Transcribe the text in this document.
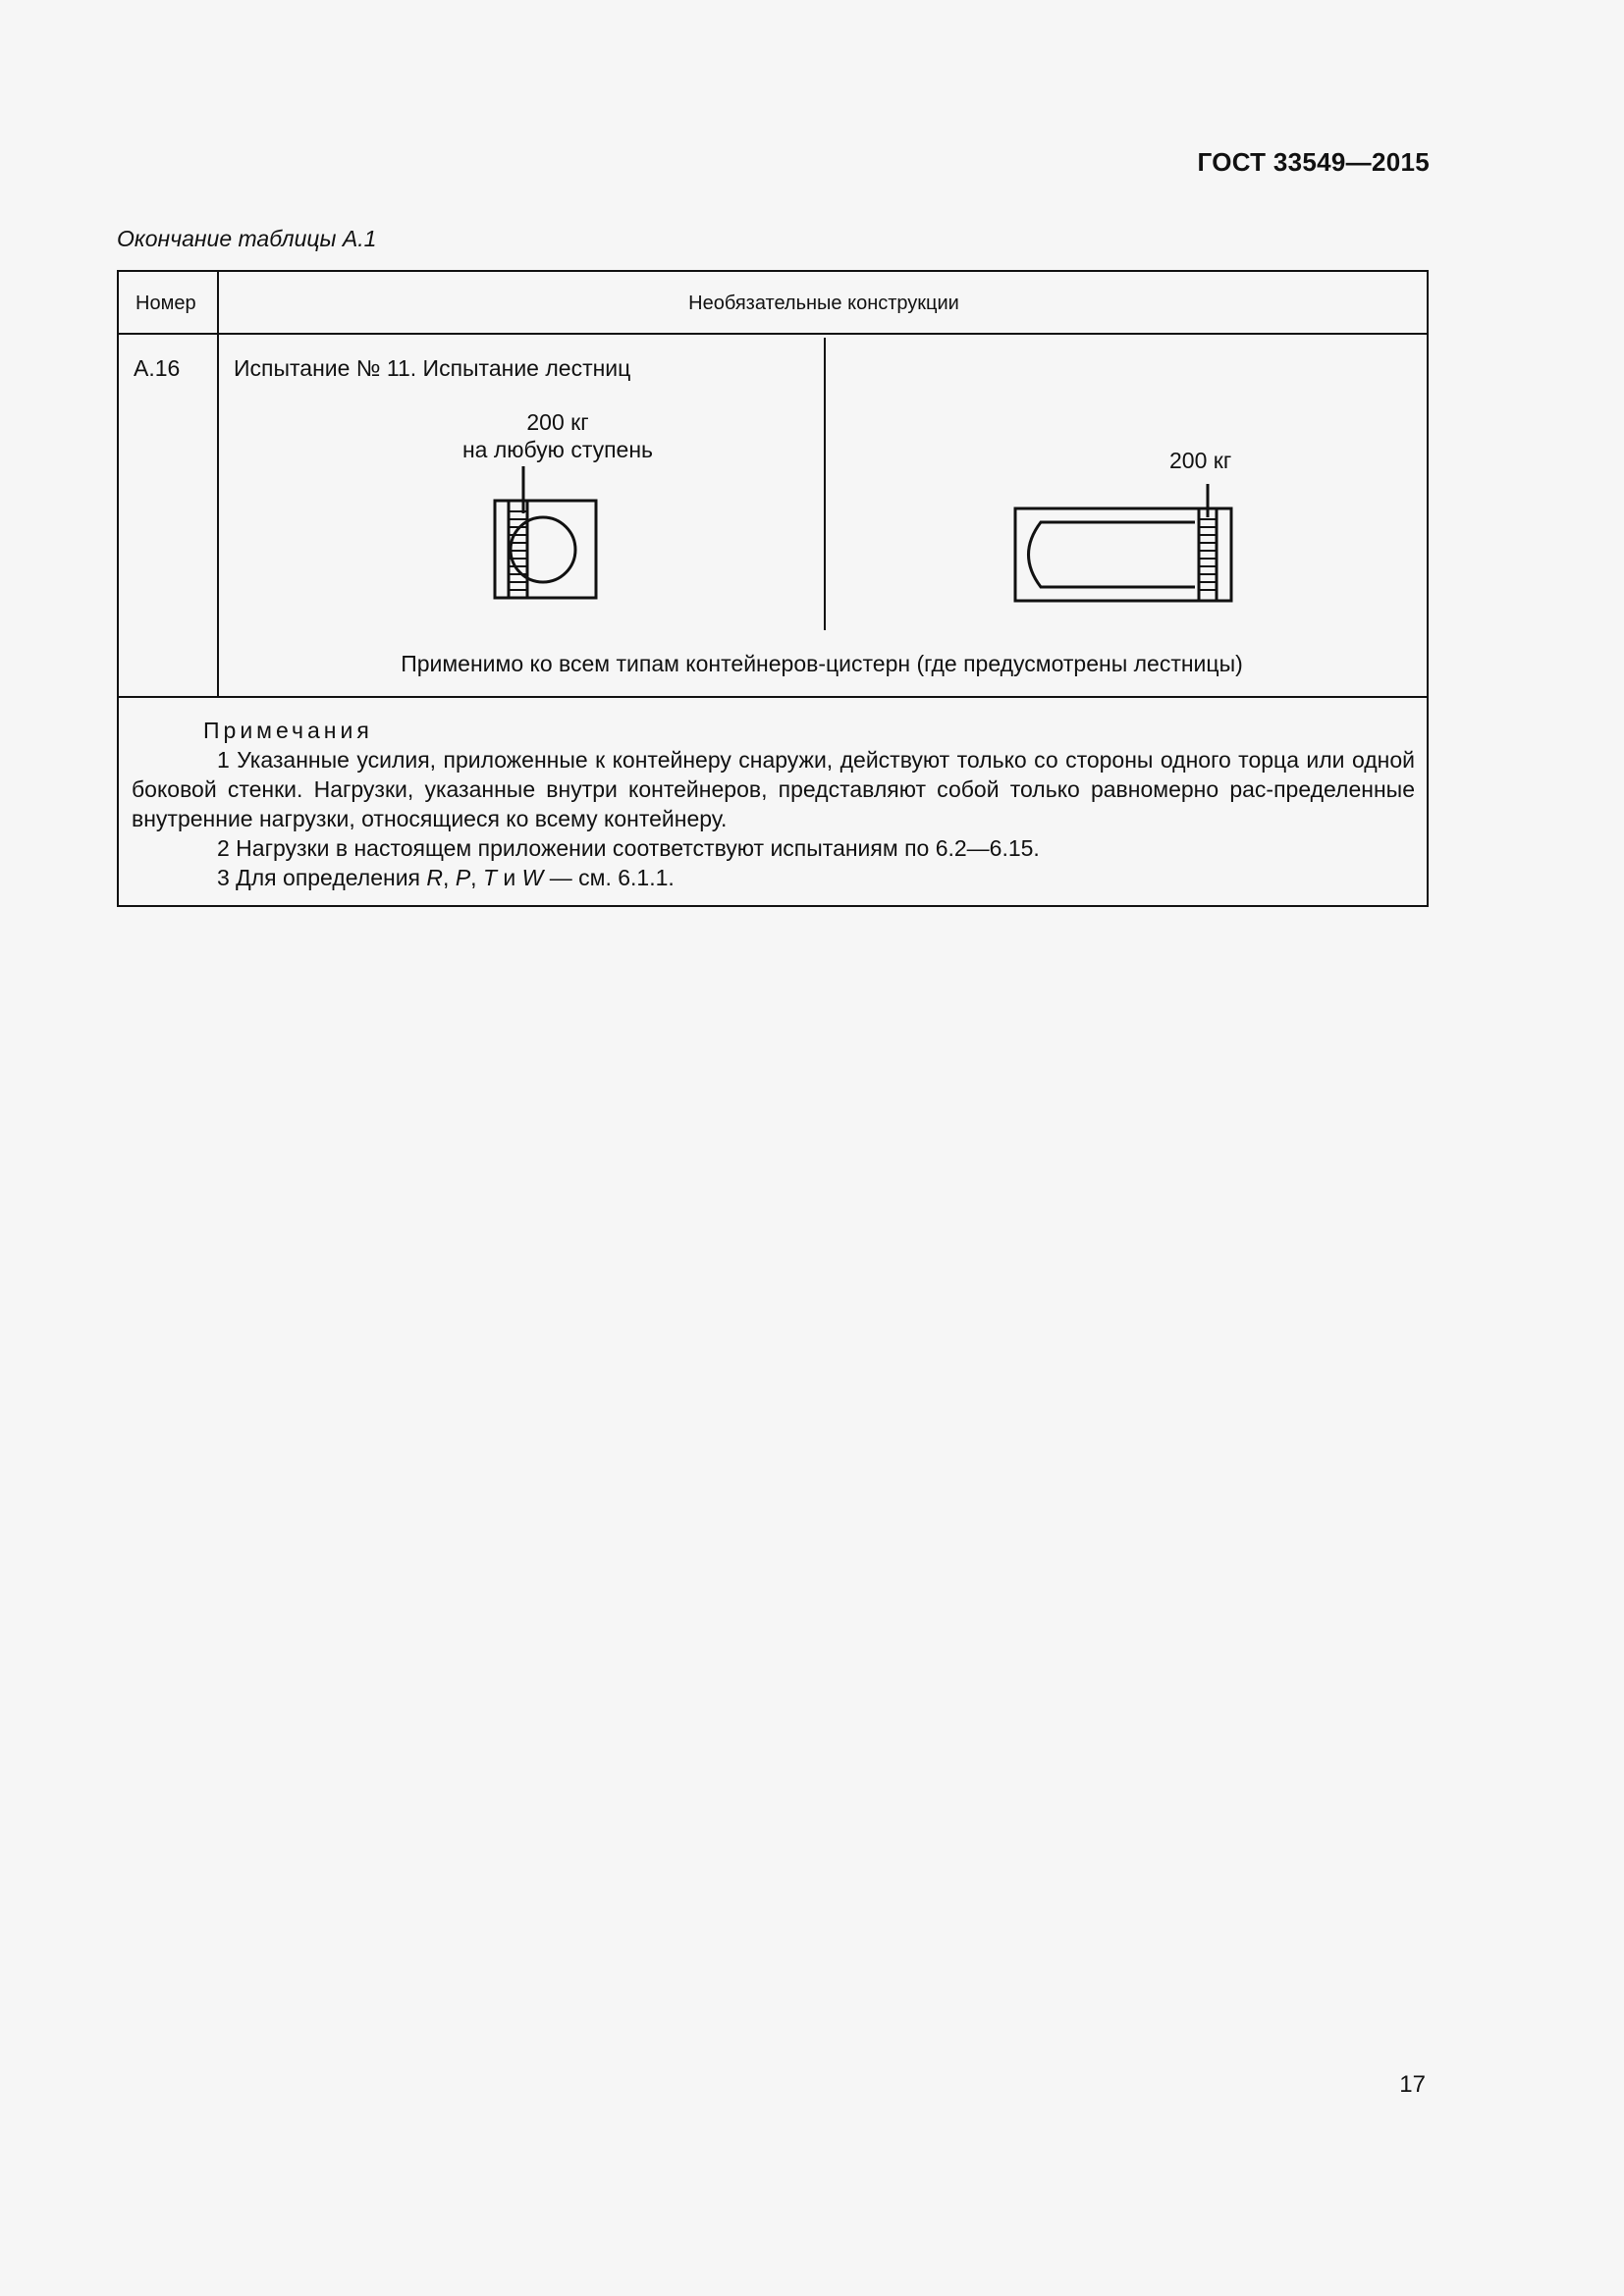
ГОСТ 33549—2015
Окончание таблицы А.1
Номер	Необязательные конструкции
А.16 Испытание № 11. Испытание лестниц
200 кг
на любую ступень	200 кг
Применимо ко всем типам контейнеров-цистерн (где предусмотрены лестницы)
Примечания
1 Указанные усилия, приложенные к контейнеру снаружи, действуют только со стороны одного торца или одной боковой стенки. Нагрузки, указанные внутри контейнеров, представляют собой только равномерно рас-пределенные внутренние нагрузки, относящиеся ко всему контейнеру.
2 Нагрузки в настоящем приложении соответствуют испытаниям по 6.2—6.15.
3 Для определения R, P, T и W — см. 6.1.1.
17
